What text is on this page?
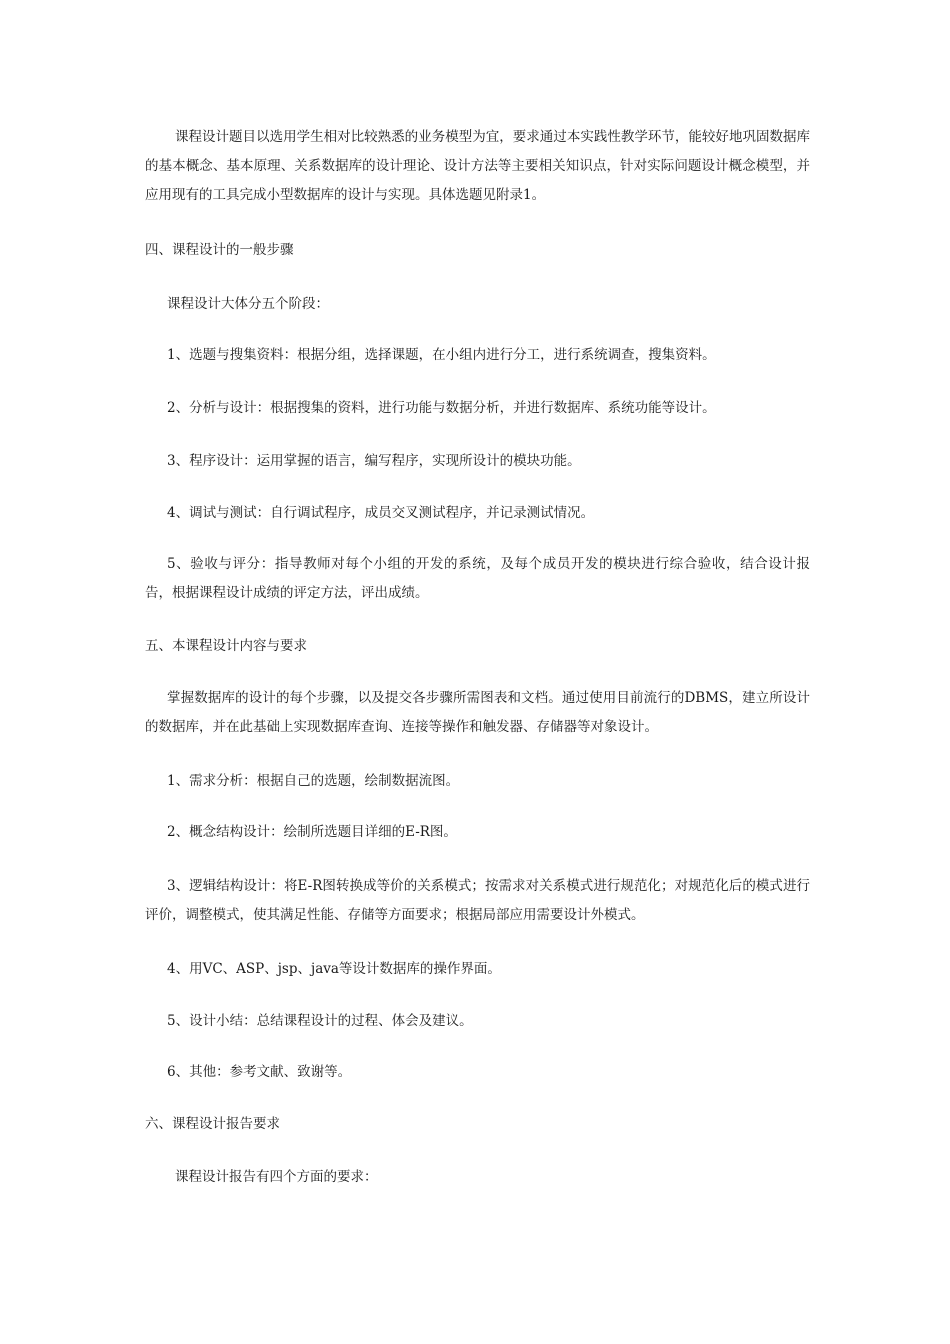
课程设计题目以选用学生相对比较熟悉的业务模型为宜，要求通过本实践性教学环节，能较好地巩固数据库的基本概念、基本原理、关系数据库的设计理论、设计方法等主要相关知识点，针对实际问题设计概念模型，并应用现有的工具完成小型数据库的设计与实现。具体选题见附录1。

四、课程设计的一般步骤

课程设计大体分五个阶段：

1、选题与搜集资料：根据分组，选择课题，在小组内进行分工，进行系统调查，搜集资料。

2、分析与设计：根据搜集的资料，进行功能与数据分析，并进行数据库、系统功能等设计。

3、程序设计：运用掌握的语言，编写程序，实现所设计的模块功能。

4、调试与测试：自行调试程序，成员交叉测试程序，并记录测试情况。

5、验收与评分：指导教师对每个小组的开发的系统，及每个成员开发的模块进行综合验收，结合设计报告，根据课程设计成绩的评定方法，评出成绩。

五、本课程设计内容与要求

掌握数据库的设计的每个步骤，以及提交各步骤所需图表和文档。通过使用目前流行的DBMS，建立所设计的数据库，并在此基础上实现数据库查询、连接等操作和触发器、存储器等对象设计。

1、需求分析：根据自己的选题，绘制数据流图。

2、概念结构设计：绘制所选题目详细的E-R图。

3、逻辑结构设计：将E-R图转换成等价的关系模式；按需求对关系模式进行规范化；对规范化后的模式进行评价，调整模式，使其满足性能、存储等方面要求；根据局部应用需要设计外模式。

4、用VC、ASP、jsp、java等设计数据库的操作界面。

5、设计小结：总结课程设计的过程、体会及建议。

6、其他：参考文献、致谢等。

六、课程设计报告要求

课程设计报告有四个方面的要求：
